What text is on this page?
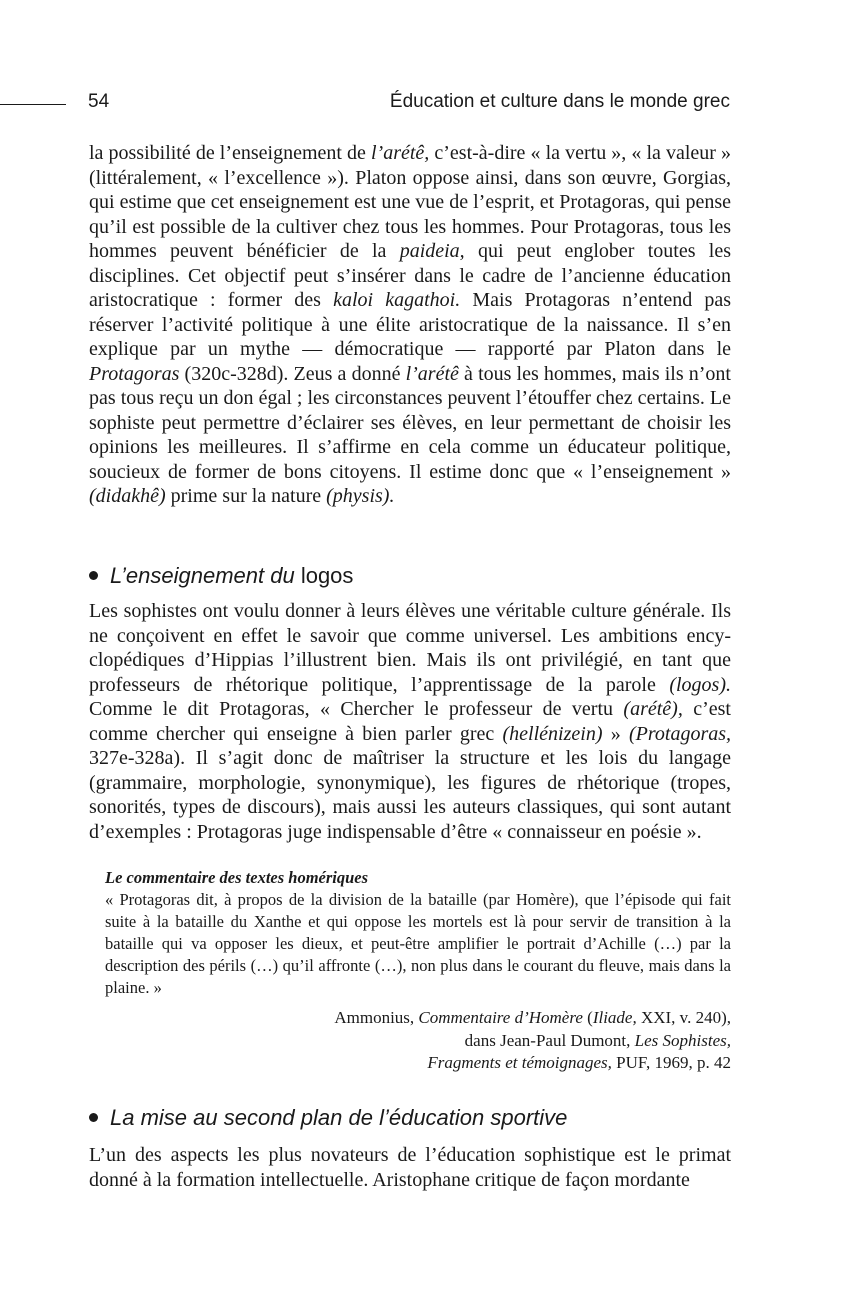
54	Éducation et culture dans le monde grec

la possibilité de l’enseignement de l’arétê, c’est-à-dire « la vertu », « la valeur » (littéralement, « l’excellence »). Platon oppose ainsi, dans son œuvre, Gorgias, qui estime que cet enseignement est une vue de l’esprit, et Protagoras, qui pense qu’il est possible de la cultiver chez tous les hommes. Pour Protagoras, tous les hommes peuvent bénéficier de la paideia, qui peut englober toutes les disciplines. Cet objectif peut s’insérer dans le cadre de l’ancienne éducation aristocratique : former des kaloi kagathoi. Mais Protagoras n’entend pas réserver l’activité politique à une élite aristocratique de la naissance. Il s’en explique par un mythe — démocratique — rapporté par Platon dans le Protagoras (320c-328d). Zeus a donné l’arétê à tous les hommes, mais ils n’ont pas tous reçu un don égal ; les circonstances peuvent l’étouffer chez certains. Le sophiste peut permettre d’éclairer ses élèves, en leur permettant de choisir les opinions les meilleures. Il s’affirme en cela comme un éducateur politique, soucieux de former de bons citoyens. Il estime donc que « l’enseignement » (didakhê) prime sur la nature (physis).

L’enseignement du logos

Les sophistes ont voulu donner à leurs élèves une véritable culture générale. Ils ne conçoivent en effet le savoir que comme universel. Les ambitions encyclopédiques d’Hippias l’illustrent bien. Mais ils ont privilégié, en tant que professeurs de rhétorique politique, l’apprentissage de la parole (logos). Comme le dit Protagoras, « Chercher le professeur de vertu (arétê), c’est comme chercher qui enseigne à bien parler grec (hellénizein) » (Protagoras, 327e-328a). Il s’agit donc de maîtriser la structure et les lois du langage (grammaire, morphologie, synonymique), les figures de rhétorique (tropes, sonorités, types de discours), mais aussi les auteurs classiques, qui sont autant d’exemples : Protagoras juge indispensable d’être « connaisseur en poésie ».

Le commentaire des textes homériques

« Protagoras dit, à propos de la division de la bataille (par Homère), que l’épisode qui fait suite à la bataille du Xanthe et qui oppose les mortels est là pour servir de transition à la bataille qui va opposer les dieux, et peut-être amplifier le portrait d’Achille (…) par la description des périls (…) qu’il affronte (…), non plus dans le courant du fleuve, mais dans la plaine. »

Ammonius, Commentaire d’Homère (Iliade, XXI, v. 240),
dans Jean-Paul Dumont, Les Sophistes,
Fragments et témoignages, PUF, 1969, p. 42

La mise au second plan de l’éducation sportive

L’un des aspects les plus novateurs de l’éducation sophistique est le primat donné à la formation intellectuelle. Aristophane critique de façon mordante
